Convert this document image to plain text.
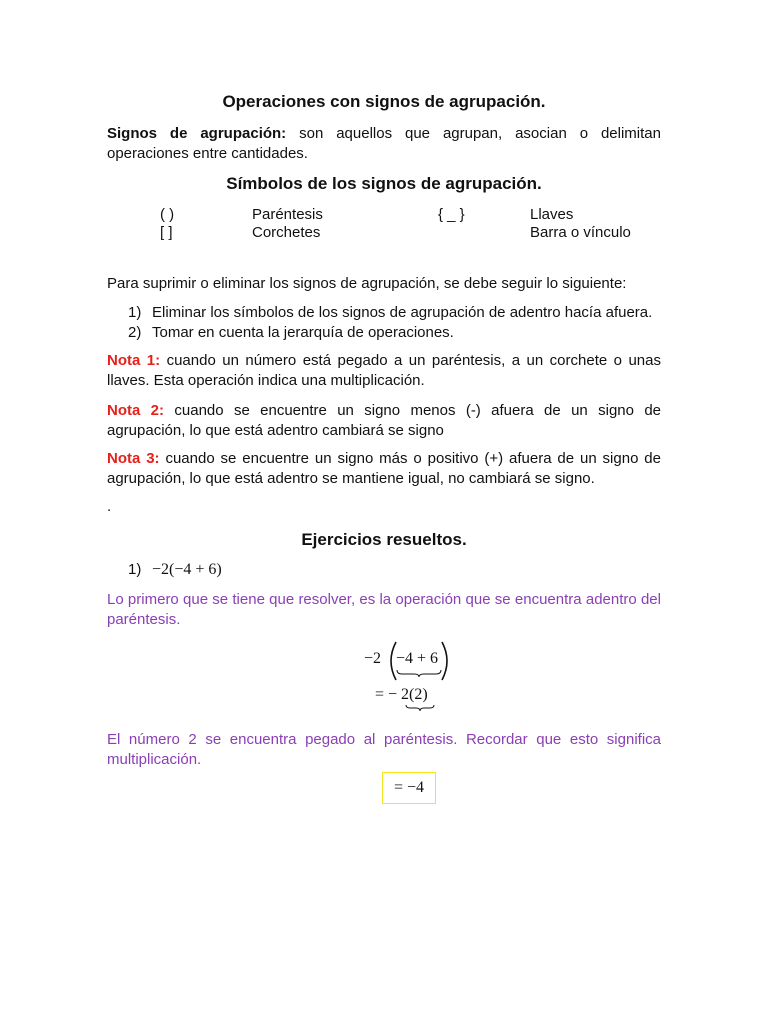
Operaciones con signos de agrupación.
Signos de agrupación: son aquellos que agrupan, asocian o delimitan operaciones entre cantidades.
Símbolos de los signos de agrupación.
( )	Paréntesis	{ _ }	Llaves
[ ]	Corchetes		Barra o vínculo
Para suprimir o eliminar los signos de agrupación, se debe seguir lo siguiente:
1) Eliminar los símbolos de los signos de agrupación de adentro hacía afuera.
2) Tomar en cuenta la jerarquía de operaciones.
Nota 1: cuando un número está pegado a un paréntesis, a un corchete o unas llaves. Esta operación indica una multiplicación.
Nota 2: cuando se encuentre un signo menos (-) afuera de un signo de agrupación, lo que está adentro cambiará se signo
Nota 3: cuando se encuentre un signo más o positivo (+) afuera de un signo de agrupación, lo que está adentro se mantiene igual, no cambiará se signo.
.
Ejercicios resueltos.
1) −2(−4 + 6)
Lo primero que se tiene que resolver, es la operación que se encuentra adentro del paréntesis.
−2 −4 + 6
= − 2(2)
El número 2 se encuentra pegado al paréntesis. Recordar que esto significa multiplicación.
= −4
